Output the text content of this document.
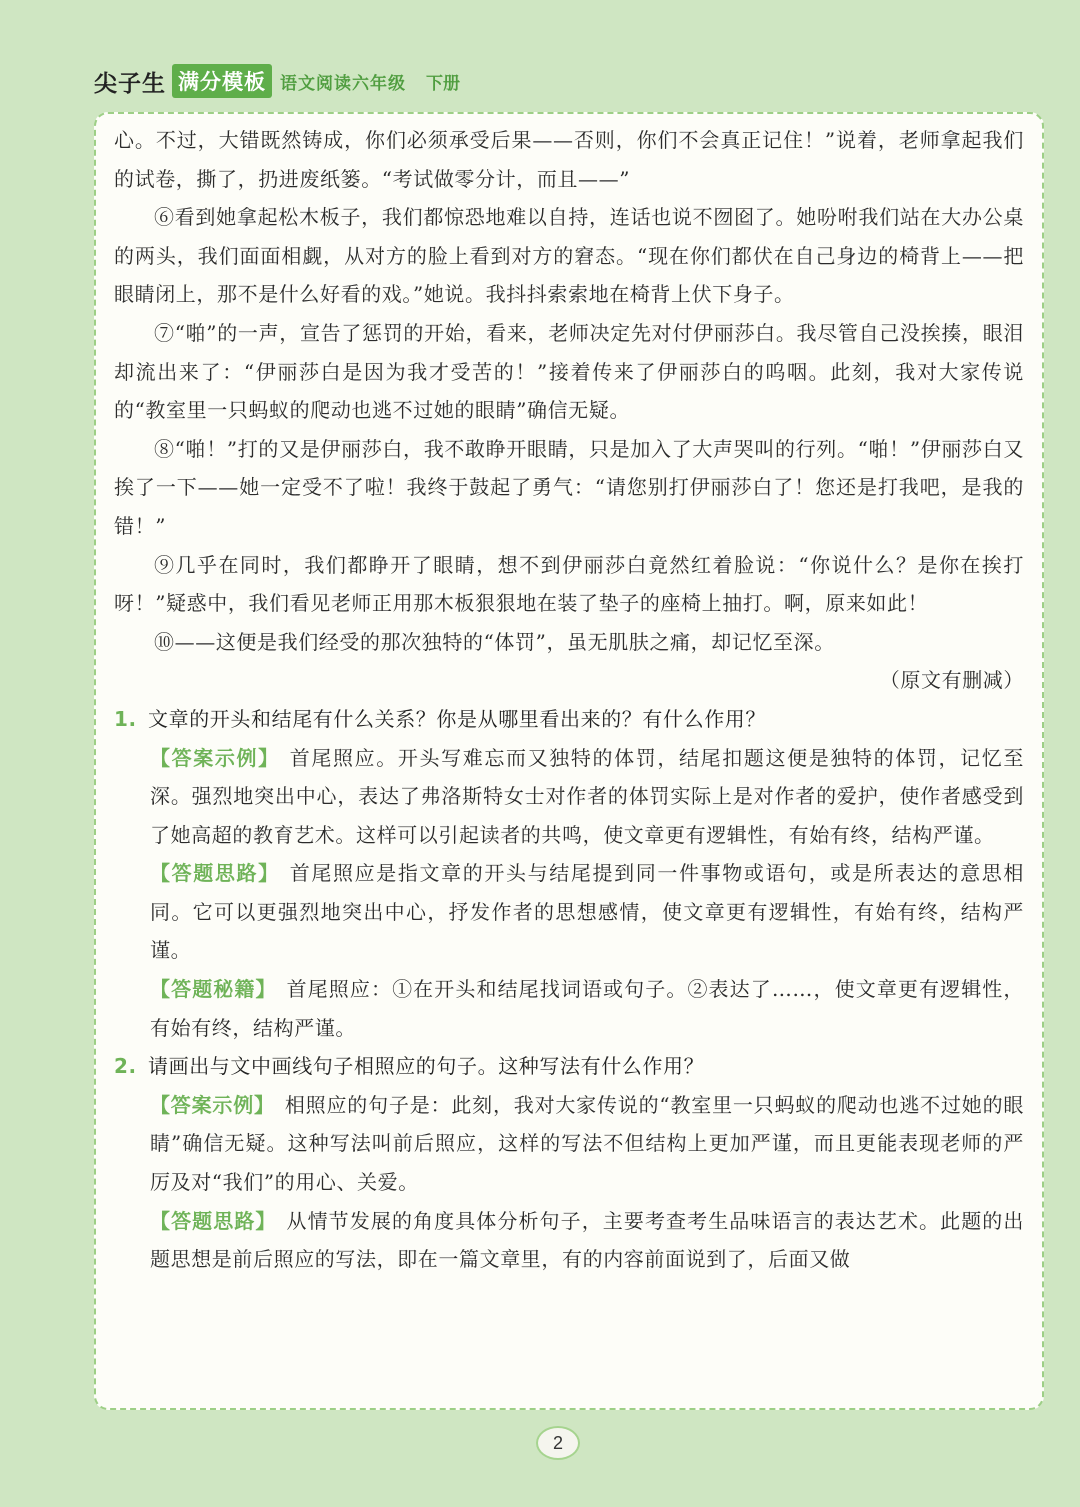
尖子生 满分模板 语文阅读六年级 下册

心。不过，大错既然铸成，你们必须承受后果——否则，你们不会真正记住！”说着，老师拿起我们的试卷，撕了，扔进废纸篓。“考试做零分计，而且——”

⑥看到她拿起松木板子，我们都惊恐地难以自持，连话也说不囫囵了。她吩咐我们站在大办公桌的两头，我们面面相觑，从对方的脸上看到对方的窘态。“现在你们都伏在自己身边的椅背上——把眼睛闭上，那不是什么好看的戏。”她说。我抖抖索索地在椅背上伏下身子。

⑦“啪”的一声，宣告了惩罚的开始，看来，老师决定先对付伊丽莎白。我尽管自己没挨揍，眼泪却流出来了：“伊丽莎白是因为我才受苦的！”接着传来了伊丽莎白的呜咽。此刻，我对大家传说的“教室里一只蚂蚁的爬动也逃不过她的眼睛”确信无疑。

⑧“啪！”打的又是伊丽莎白，我不敢睁开眼睛，只是加入了大声哭叫的行列。“啪！”伊丽莎白又挨了一下——她一定受不了啦！我终于鼓起了勇气：“请您别打伊丽莎白了！您还是打我吧，是我的错！”

⑨几乎在同时，我们都睁开了眼睛，想不到伊丽莎白竟然红着脸说：“你说什么？是你在挨打呀！”疑惑中，我们看见老师正用那木板狠狠地在装了垫子的座椅上抽打。啊，原来如此！

⑩——这便是我们经受的那次独特的“体罚”，虽无肌肤之痛，却记忆至深。

（原文有删减）

1. 文章的开头和结尾有什么关系？你是从哪里看出来的？有什么作用？

【答案示例】 首尾照应。开头写难忘而又独特的体罚，结尾扣题这便是独特的体罚，记忆至深。强烈地突出中心，表达了弗洛斯特女士对作者的体罚实际上是对作者的爱护，使作者感受到了她高超的教育艺术。这样可以引起读者的共鸣，使文章更有逻辑性，有始有终，结构严谨。

【答题思路】 首尾照应是指文章的开头与结尾提到同一件事物或语句，或是所表达的意思相同。它可以更强烈地突出中心，抒发作者的思想感情，使文章更有逻辑性，有始有终，结构严谨。

【答题秘籍】 首尾照应：①在开头和结尾找词语或句子。②表达了……，使文章更有逻辑性，有始有终，结构严谨。

2. 请画出与文中画线句子相照应的句子。这种写法有什么作用？

【答案示例】 相照应的句子是：此刻，我对大家传说的“教室里一只蚂蚁的爬动也逃不过她的眼睛”确信无疑。这种写法叫前后照应，这样的写法不但结构上更加严谨，而且更能表现老师的严厉及对“我们”的用心、关爱。

【答题思路】 从情节发展的角度具体分析句子，主要考查考生品味语言的表达艺术。此题的出题思想是前后照应的写法，即在一篇文章里，有的内容前面说到了，后面又做

2
